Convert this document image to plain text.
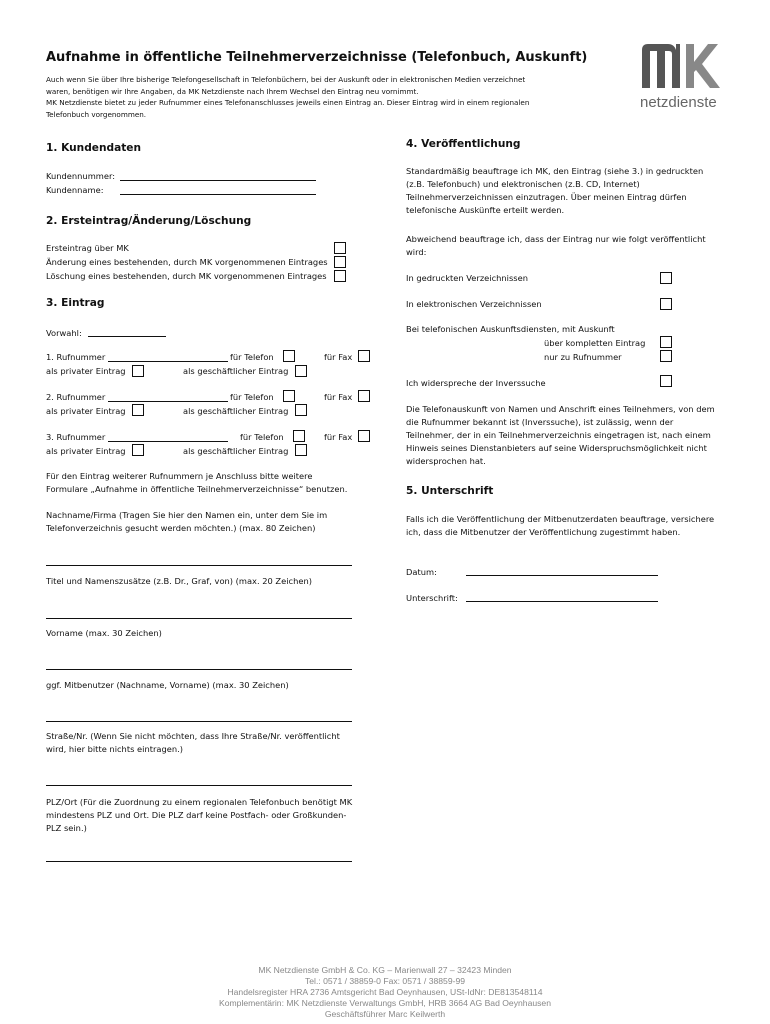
Aufnahme in öffentliche Teilnehmerverzeichnisse (Telefonbuch, Auskunft)
Auch wenn Sie über Ihre bisherige Telefongesellschaft in Telefonbüchern, bei der Auskunft oder in elektronischen Medien verzeichnet
waren, benötigen wir Ihre Angaben, da MK Netzdienste nach Ihrem Wechsel den Eintrag neu vornimmt.
MK Netzdienste bietet zu jeder Rufnummer eines Telefonanschlusses jeweils einen Eintrag an. Dieser Eintrag wird in einem regionalen
Telefonbuch vorgenommen.
netzdienste
1. Kundendaten
Kundennummer:
Kundenname:
2. Ersteintrag/Änderung/Löschung
Ersteintrag über MK
Änderung eines bestehenden, durch MK vorgenommenen Eintrages
Löschung eines bestehenden, durch MK vorgenommenen Eintrages
3. Eintrag
Vorwahl:
1. Rufnummer	für Telefon	für Fax
als privater Eintrag	als geschäftlicher Eintrag
2. Rufnummer	für Telefon	für Fax
als privater Eintrag	als geschäftlicher Eintrag
3. Rufnummer	für Telefon	für Fax
als privater Eintrag	als geschäftlicher Eintrag
Für den Eintrag weiterer Rufnummern je Anschluss bitte weitere
Formulare „Aufnahme in öffentliche Teilnehmerverzeichnisse“ benutzen.
Nachname/Firma (Tragen Sie hier den Namen ein, unter dem Sie im
Telefonverzeichnis gesucht werden möchten.) (max. 80 Zeichen)
Titel und Namenszusätze (z.B. Dr., Graf, von) (max. 20 Zeichen)
Vorname (max. 30 Zeichen)
ggf. Mitbenutzer (Nachname, Vorname) (max. 30 Zeichen)
Straße/Nr. (Wenn Sie nicht möchten, dass Ihre Straße/Nr. veröffentlicht
wird, hier bitte nichts eintragen.)
PLZ/Ort (Für die Zuordnung zu einem regionalen Telefonbuch benötigt MK
mindestens PLZ und Ort. Die PLZ darf keine Postfach- oder Großkunden-
PLZ sein.)
4. Veröffentlichung
Standardmäßig beauftrage ich MK, den Eintrag (siehe 3.) in gedruckten
(z.B. Telefonbuch) und elektronischen (z.B. CD, Internet)
Teilnehmerverzeichnissen einzutragen. Über meinen Eintrag dürfen
telefonische Auskünfte erteilt werden.
Abweichend beauftrage ich, dass der Eintrag nur wie folgt veröffentlicht
wird:
In gedruckten Verzeichnissen
In elektronischen Verzeichnissen
Bei telefonischen Auskunftsdiensten, mit Auskunft
über kompletten Eintrag
nur zu Rufnummer
Ich widerspreche der Inverssuche
Die Telefonauskunft von Namen und Anschrift eines Teilnehmers, von dem
die Rufnummer bekannt ist (Inverssuche), ist zulässig, wenn der
Teilnehmer, der in ein Teilnehmerverzeichnis eingetragen ist, nach einem
Hinweis seines Dienstanbieters auf seine Widerspruchsmöglichkeit nicht
widersprochen hat.
5. Unterschrift
Falls ich die Veröffentlichung der Mitbenutzerdaten beauftrage, versichere
ich, dass die Mitbenutzer der Veröffentlichung zugestimmt haben.
Datum:
Unterschrift:
MK Netzdienste GmbH & Co. KG – Marienwall 27 – 32423 Minden
Tel.: 0571 / 38859-0 Fax: 0571 / 38859-99
Handelsregister HRA 2736 Amtsgericht Bad Oeynhausen, USt-IdNr: DE813548114
Komplementärin: MK Netzdienste Verwaltungs GmbH, HRB 3664 AG Bad Oeynhausen
Geschäftsführer Marc Keilwerth
